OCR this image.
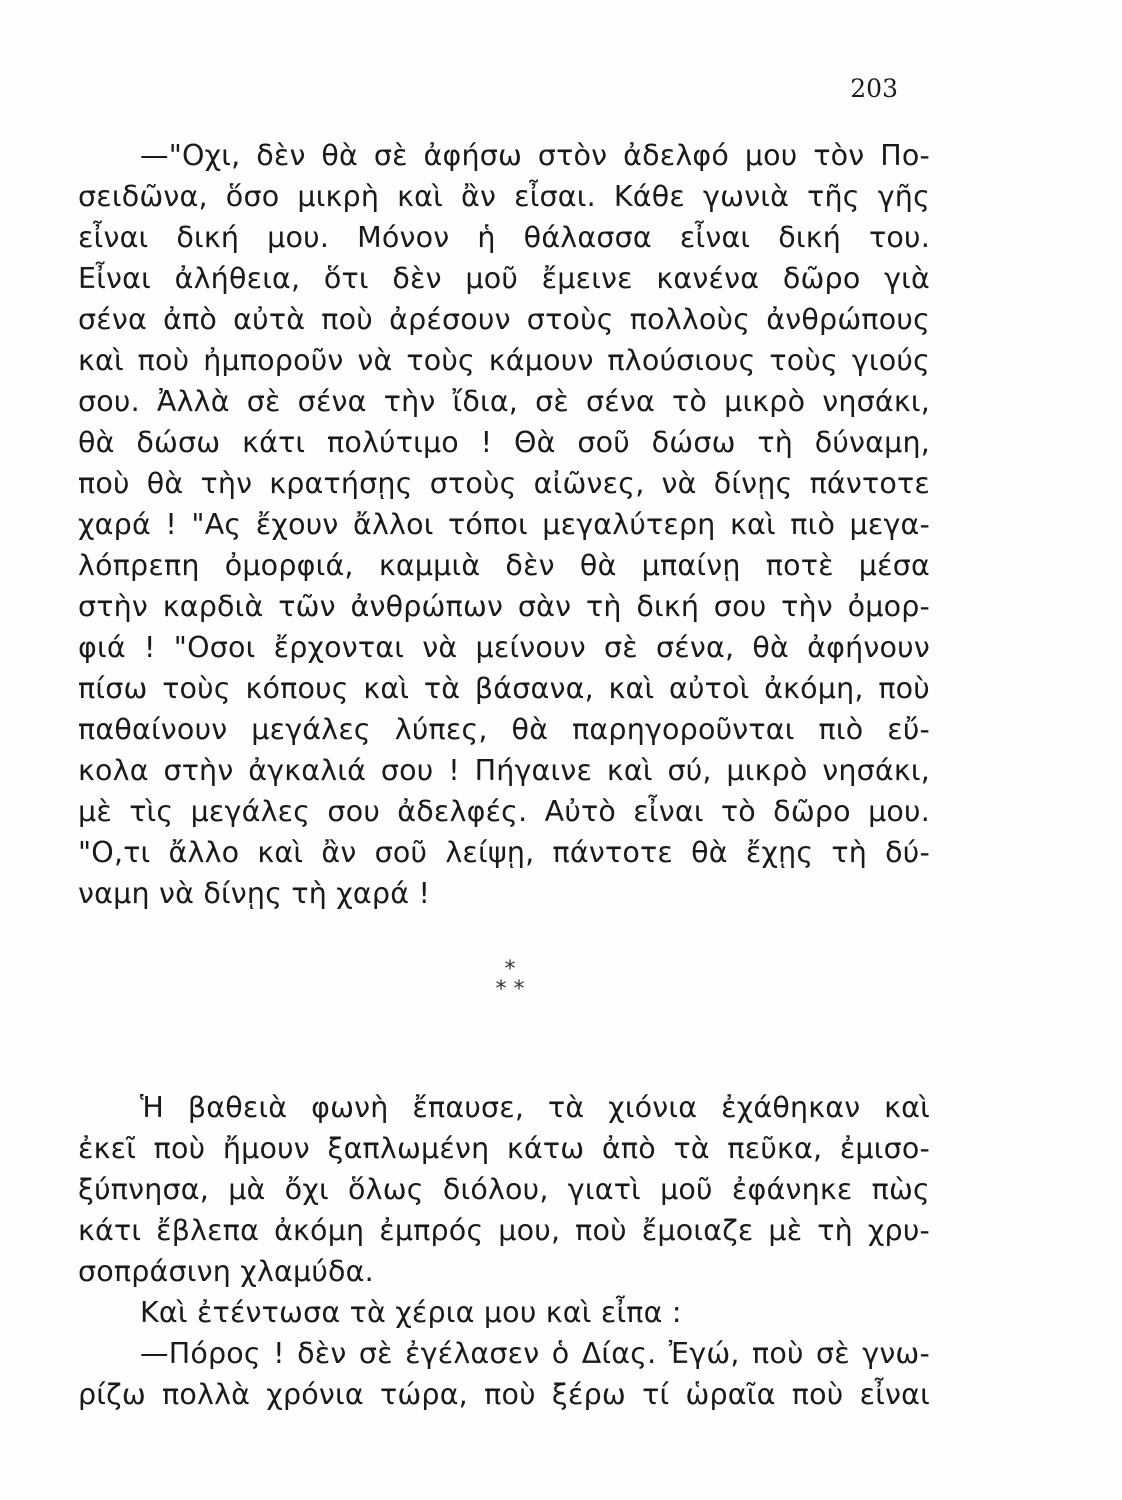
203
—"Οχι, δὲν θὰ σὲ ἀφήσω στὸν ἀδελφό μου τὸν Πο-
σειδῶνα, ὅσο μικρὴ καὶ ἂν εἶσαι. Κάθε γωνιὰ τῆς γῆς
εἶναι δική μου. Μόνον ἡ θάλασσα εἶναι δική του.
Εἶναι ἀλήθεια, ὅτι δὲν μοῦ ἔμεινε κανένα δῶρο γιὰ
σένα ἀπὸ αὐτὰ ποὺ ἀρέσουν στοὺς πολλοὺς ἀνθρώπους
καὶ ποὺ ἠμποροῦν νὰ τοὺς κάμουν πλούσιους τοὺς γιούς
σου. Ἀλλὰ σὲ σένα τὴν ἴδια, σὲ σένα τὸ μικρὸ νησάκι,
θὰ δώσω κάτι πολύτιμο ! Θὰ σοῦ δώσω τὴ δύναμη,
ποὺ θὰ τὴν κρατήσῃς στοὺς αἰῶνες, νὰ δίνῃς πάντοτε
χαρά ! "Ας ἔχουν ἄλλοι τόποι μεγαλύτερη καὶ πιὸ μεγα-
λόπρεπη ὀμορφιά, καμμιὰ δὲν θὰ μπαίνῃ ποτὲ μέσα
στὴν καρδιὰ τῶν ἀνθρώπων σὰν τὴ δική σου τὴν ὀμορ-
φιά ! "Οσοι ἔρχονται νὰ μείνουν σὲ σένα, θὰ ἀφήνουν
πίσω τοὺς κόπους καὶ τὰ βάσανα, καὶ αὐτοὶ ἀκόμη, ποὺ
παθαίνουν μεγάλες λύπες, θὰ παρηγοροῦνται πιὸ εὔ-
κολα στὴν ἀγκαλιά σου ! Πήγαινε καὶ σύ, μικρὸ νησάκι,
μὲ τὶς μεγάλες σου ἀδελφές. Αὐτὸ εἶναι τὸ δῶρο μου.
"Ο,τι ἄλλο καὶ ἂν σοῦ λείψῃ, πάντοτε θὰ ἔχῃς τὴ δύ-
ναμη νὰ δίνῃς τὴ χαρά !
*
* *
Ἡ βαθειὰ φωνὴ ἔπαυσε, τὰ χιόνια ἐχάθηκαν καὶ
ἐκεῖ ποὺ ἤμουν ξαπλωμένη κάτω ἀπὸ τὰ πεῦκα, ἐμισο-
ξύπνησα, μὰ ὄχι ὅλως διόλου, γιατὶ μοῦ ἐφάνηκε πὼς
κάτι ἔβλεπα ἀκόμη ἐμπρός μου, ποὺ ἔμοιαζε μὲ τὴ χρυ-
σοπράσινη χλαμύδα.
Καὶ ἐτέντωσα τὰ χέρια μου καὶ εἶπα :
—Πόρος ! δὲν σὲ ἐγέλασεν ὁ Δίας. Ἐγώ, ποὺ σὲ γνω-
ρίζω πολλὰ χρόνια τώρα, ποὺ ξέρω τί ὡραῖα ποὺ εἶναι
